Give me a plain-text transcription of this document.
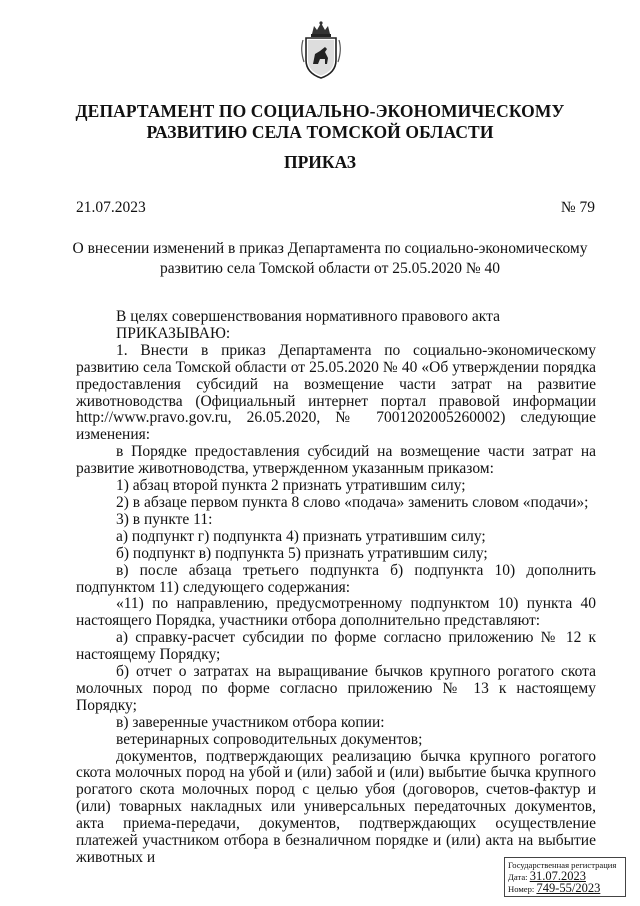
ДЕПАРТАМЕНТ ПО СОЦИАЛЬНО-ЭКОНОМИЧЕСКОМУ
РАЗВИТИЮ СЕЛА ТОМСКОЙ ОБЛАСТИ
ПРИКАЗ
21.07.2023	№ 79
О внесении изменений в приказ Департамента по социально-экономическому
развитию села Томской области от 25.05.2020 № 40

В целях совершенствования нормативного правового акта

ПРИКАЗЫВАЮ:

1. Внести в приказ Департамента по социально-экономическому развитию села Томской области от 25.05.2020 № 40 «Об утверждении порядка предоставления субсидий на возмещение части затрат на развитие животноводства (Официальный интернет портал правовой информации http://www.pravo.gov.ru, 26.05.2020, № 7001202005260002) следующие изменения:

в Порядке предоставления субсидий на возмещение части затрат на развитие животноводства, утвержденном указанным приказом:

1) абзац второй пункта 2 признать утратившим силу;

2) в абзаце первом пункта 8 слово «подача» заменить словом «подачи»;

3) в пункте 11:

а) подпункт г) подпункта 4) признать утратившим силу;

б) подпункт в) подпункта 5) признать утратившим силу;

в) после абзаца третьего подпункта б) подпункта 10) дополнить подпунктом 11) следующего содержания:

«11) по направлению, предусмотренному подпунктом 10) пункта 40 настоящего Порядка, участники отбора дополнительно представляют:

а) справку-расчет субсидии по форме согласно приложению № 12 к настоящему Порядку;

б) отчет о затратах на выращивание бычков крупного рогатого скота молочных пород по форме согласно приложению № 13 к настоящему Порядку;

в) заверенные участником отбора копии:

ветеринарных сопроводительных документов;

документов, подтверждающих реализацию бычка крупного рогатого скота молочных пород на убой и (или) забой и (или) выбытие бычка крупного рогатого скота молочных пород с целью убоя (договоров, счетов-фактур и (или) товарных накладных или универсальных передаточных документов, акта приема-передачи, документов, подтверждающих осуществление платежей участником отбора в безналичном порядке и (или) акта на выбытие животных и	Государственная регистрация
Дата: 31.07.2023
Номер: 749-55/2023
